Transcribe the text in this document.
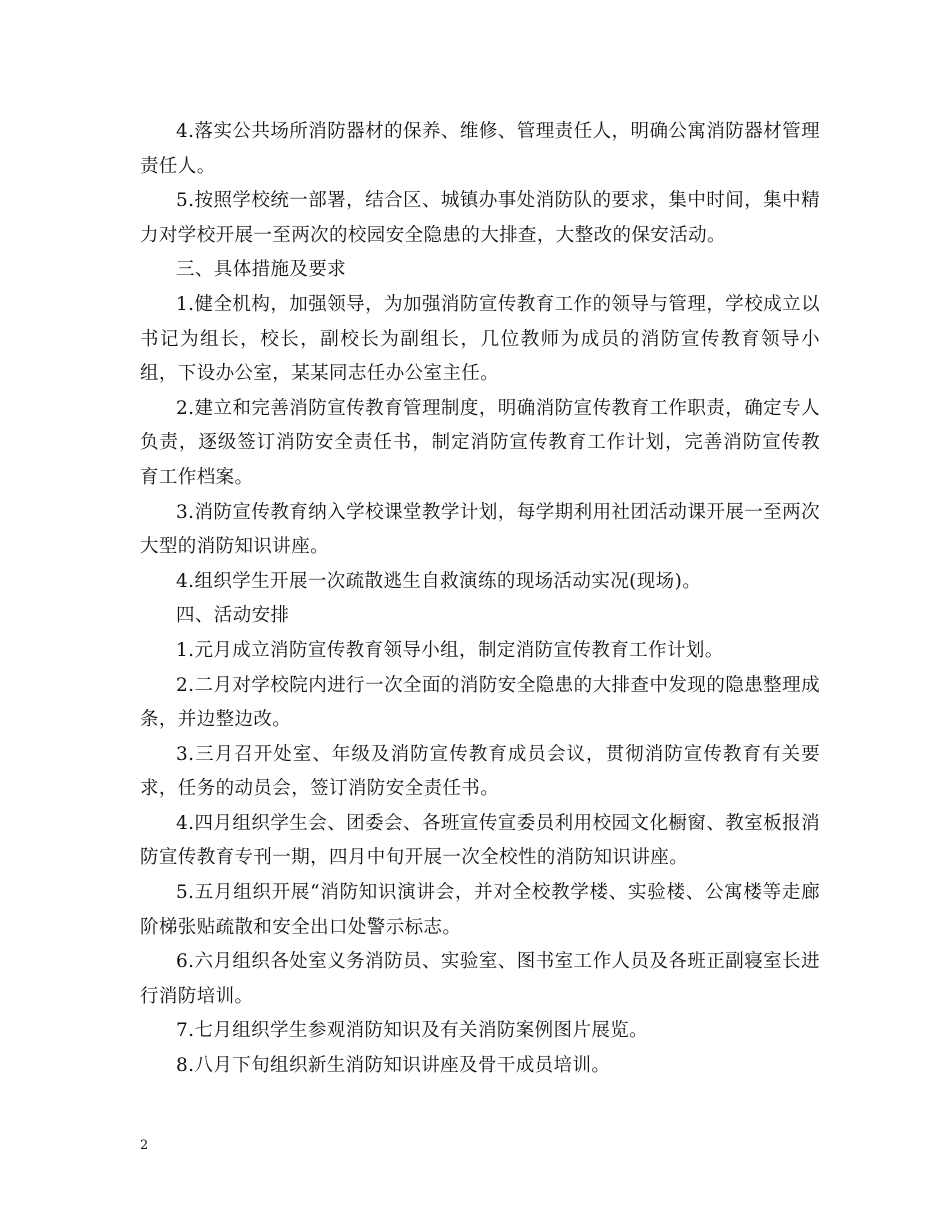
4.落实公共场所消防器材的保养、维修、管理责任人，明确公寓消防器材管理责任人。

5.按照学校统一部署，结合区、城镇办事处消防队的要求，集中时间，集中精力对学校开展一至两次的校园安全隐患的大排查，大整改的保安活动。

三、具体措施及要求

1.健全机构，加强领导，为加强消防宣传教育工作的领导与管理，学校成立以书记为组长，校长，副校长为副组长，几位教师为成员的消防宣传教育领导小组，下设办公室，某某同志任办公室主任。

2.建立和完善消防宣传教育管理制度，明确消防宣传教育工作职责，确定专人负责，逐级签订消防安全责任书，制定消防宣传教育工作计划，完善消防宣传教育工作档案。

3.消防宣传教育纳入学校课堂教学计划，每学期利用社团活动课开展一至两次大型的消防知识讲座。

4.组织学生开展一次疏散逃生自救演练的现场活动实况(现场)。

四、活动安排

1.元月成立消防宣传教育领导小组，制定消防宣传教育工作计划。

2.二月对学校院内进行一次全面的消防安全隐患的大排查中发现的隐患整理成条，并边整边改。

3.三月召开处室、年级及消防宣传教育成员会议，贯彻消防宣传教育有关要求，任务的动员会，签订消防安全责任书。

4.四月组织学生会、团委会、各班宣传宣委员利用校园文化橱窗、教室板报消防宣传教育专刊一期，四月中旬开展一次全校性的消防知识讲座。

5.五月组织开展“消防知识演讲会，并对全校教学楼、实验楼、公寓楼等走廊阶梯张贴疏散和安全出口处警示标志。

6.六月组织各处室义务消防员、实验室、图书室工作人员及各班正副寝室长进行消防培训。

7.七月组织学生参观消防知识及有关消防案例图片展览。

8.八月下旬组织新生消防知识讲座及骨干成员培训。

2
